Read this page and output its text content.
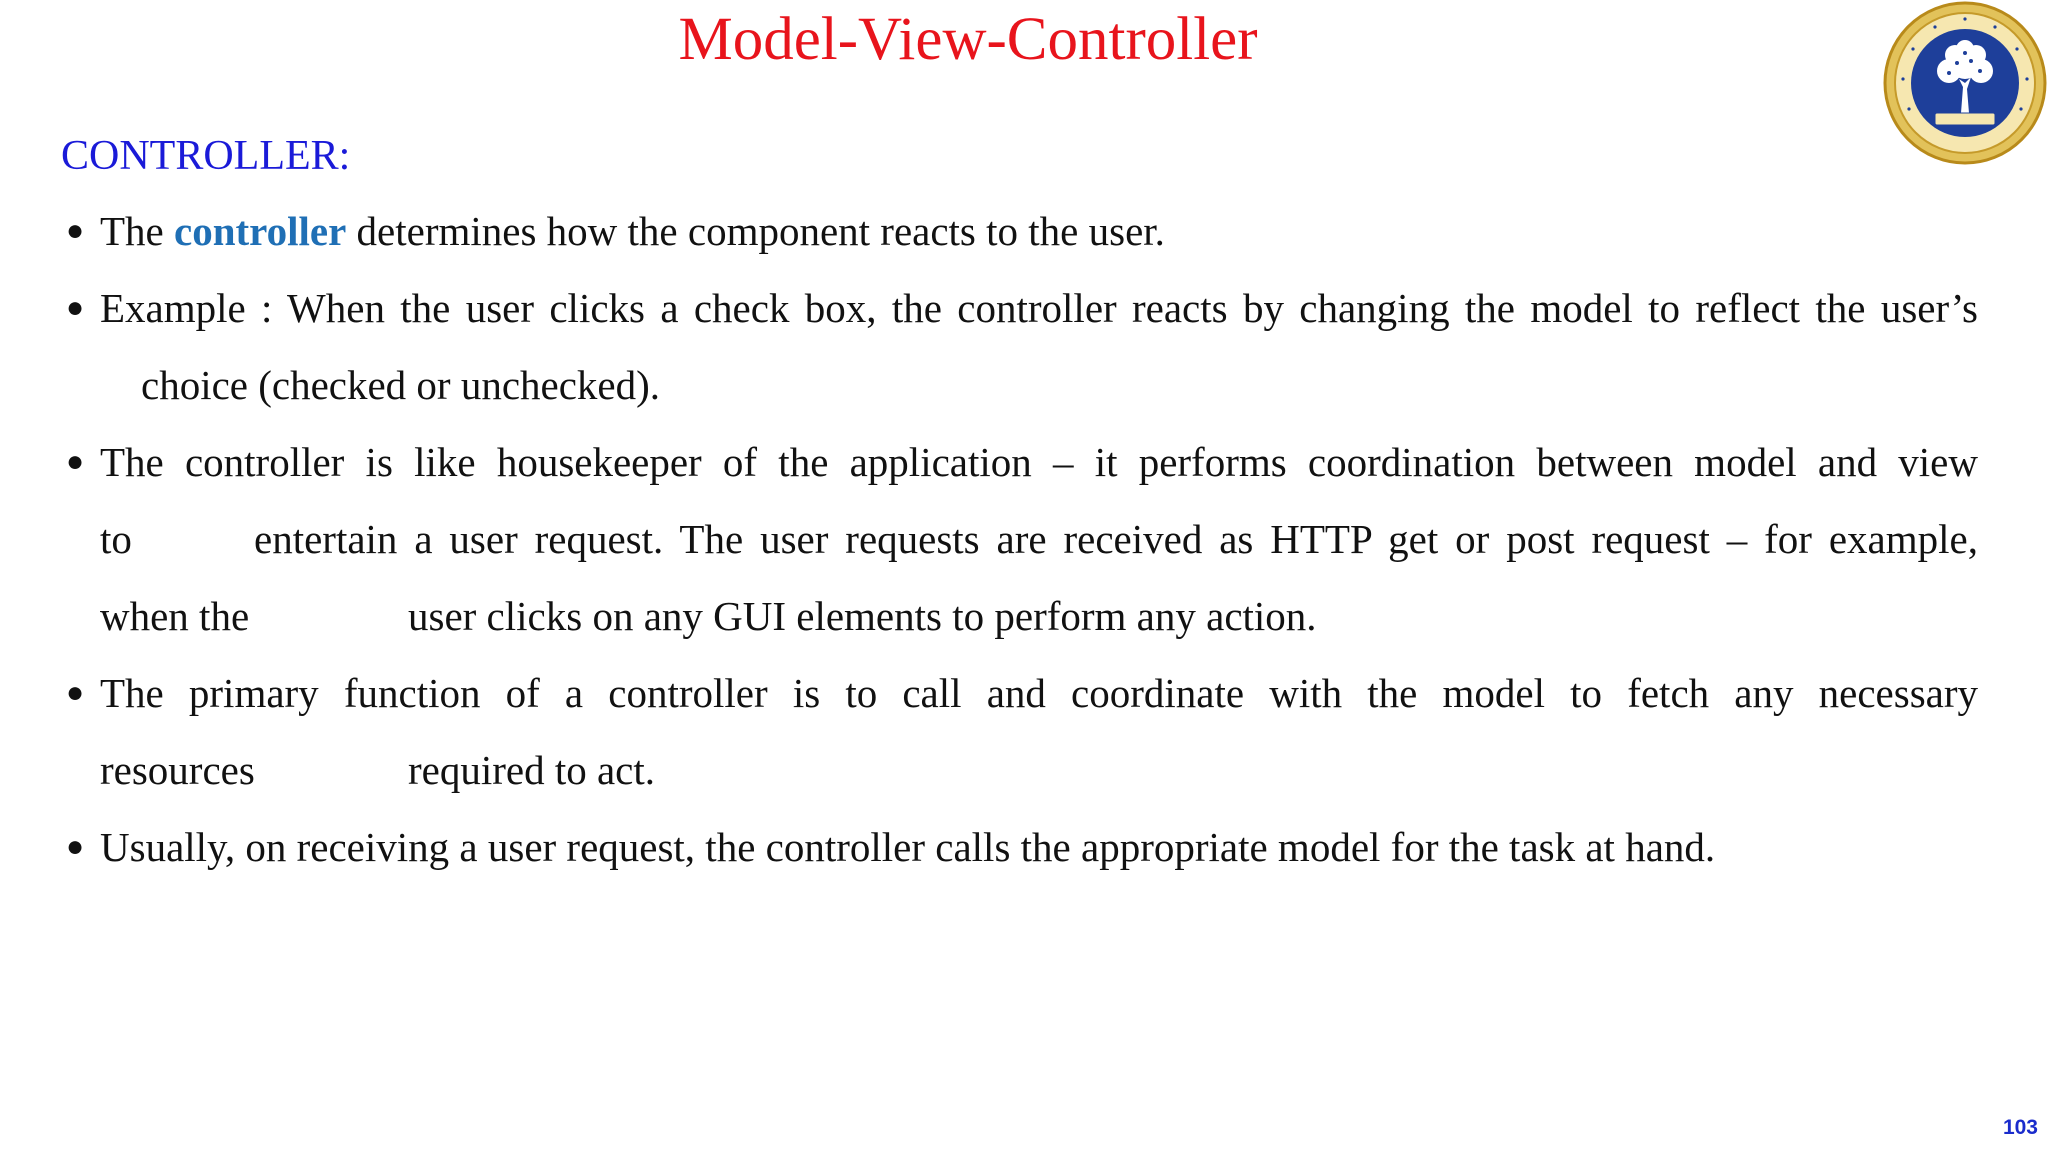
Model-View-Controller
CONTROLLER:
● The controller determines how the component reacts to the user.
● Example : When the user clicks a check box, the controller reacts by changing the model to reflect the user’s
choice (checked or unchecked).
● The controller is like housekeeper of the application – it performs coordination between model and view
to	entertain a user request. The user requests are received as HTTP get or post request – for example,
when the	user clicks on any GUI elements to perform any action.
● The primary function of a controller is to call and coordinate with the model to fetch any necessary
resources	required to act.
● Usually, on receiving a user request, the controller calls the appropriate model for the task at hand.
103
